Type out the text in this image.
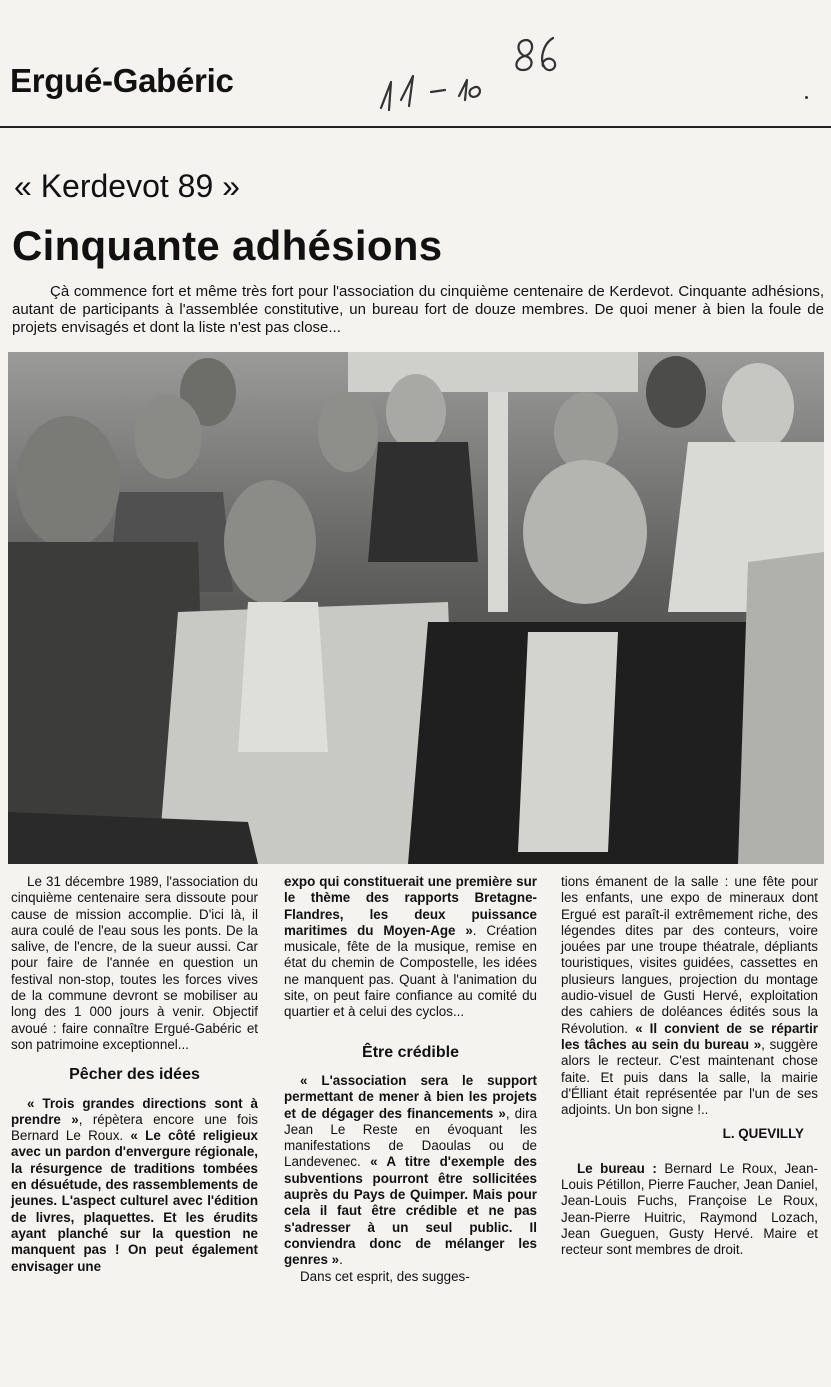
Ergué-Gabéric
« Kerdevot 89 »
Cinquante adhésions
Çà commence fort et même très fort pour l'association du cinquième centenaire de Kerdevot. Cinquante adhésions, autant de participants à l'assemblée constitutive, un bureau fort de douze membres. De quoi mener à bien la foule de projets envisagés et dont la liste n'est pas close...

Le 31 décembre 1989, l'association du cinquième centenaire sera dissoute pour cause de mission accomplie. D'ici là, il aura coulé de l'eau sous les ponts. De la salive, de l'encre, de la sueur aussi. Car pour faire de l'année en question un festival non-stop, toutes les forces vives de la commune devront se mobiliser au long des 1 000 jours à venir. Objectif avoué : faire connaître Ergué-Gabéric et son patrimoine exceptionnel...

Pêcher des idées

« Trois grandes directions sont à prendre », répètera encore une fois Bernard Le Roux. « Le côté religieux avec un pardon d'envergure régionale, la résurgence de traditions tombées en désuétude, des rassemblements de jeunes. L'aspect culturel avec l'édition de livres, plaquettes. Et les érudits ayant planché sur la question ne manquent pas ! On peut également envisager une

expo qui constituerait une première sur le thème des rapports Bretagne-Flandres, les deux puissance maritimes du Moyen-Age ». Création musicale, fête de la musique, remise en état du chemin de Compostelle, les idées ne manquent pas. Quant à l'animation du site, on peut faire confiance au comité du quartier et à celui des cyclos...

Être crédible

« L'association sera le support permettant de mener à bien les projets et de dégager des financements », dira Jean Le Reste en évoquant les manifestations de Daoulas ou de Landevenec. « A titre d'exemple des subventions pourront être sollicitées auprès du Pays de Quimper. Mais pour cela il faut être crédible et ne pas s'adresser à un seul public. Il conviendra donc de mélanger les genres ».

Dans cet esprit, des sugges-

tions émanent de la salle : une fête pour les enfants, une expo de mineraux dont Ergué est paraît-il extrêmement riche, des légendes dites par des conteurs, voire jouées par une troupe théatrale, dépliants touristiques, visites guidées, cassettes en plusieurs langues, projection du montage audio-visuel de Gusti Hervé, exploitation des cahiers de doléances édités sous la Révolution. « Il convient de se répartir les tâches au sein du bureau », suggère alors le recteur. C'est maintenant chose faite. Et puis dans la salle, la mairie d'Élliant était représentée par l'un de ses adjoints. Un bon signe !..

L. QUEVILLY

Le bureau : Bernard Le Roux, Jean-Louis Pétillon, Pierre Faucher, Jean Daniel, Jean-Louis Fuchs, Françoise Le Roux, Jean-Pierre Huitric, Raymond Lozach, Jean Gueguen, Gusty Hervé. Maire et recteur sont membres de droit.
